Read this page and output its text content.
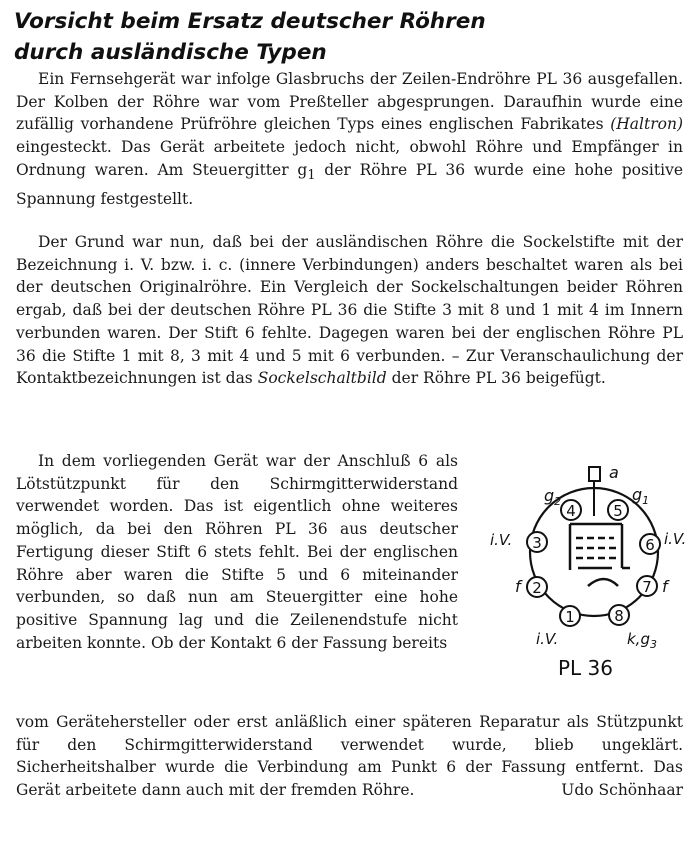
Vorsicht beim Ersatz deutscher Röhren
durch ausländische Typen

Ein Fernsehgerät war infolge Glasbruchs der Zeilen-Endröhre PL 36 ausgefallen. Der Kolben der Röhre war vom Preßteller abgesprungen. Daraufhin wurde eine zufällig vorhandene Prüfröhre gleichen Typs eines englischen Fabrikates (Haltron) eingesteckt. Das Gerät arbeitete jedoch nicht, obwohl Röhre und Empfänger in Ordnung waren. Am Steuergitter $g_1$ der Röhre PL 36 wurde eine hohe positive Spannung festgestellt.

Der Grund war nun, daß bei der ausländischen Röhre die Sockelstifte mit der Bezeichnung i. V. bzw. i. c. (innere Verbindungen) anders beschaltet waren als bei der deutschen Originalröhre. Ein Vergleich der Sockelschaltungen beider Röhren ergab, daß bei der deutschen Röhre PL 36 die Stifte 3 mit 8 und 1 mit 4 im Innern verbunden waren. Der Stift 6 fehlte. Dagegen waren bei der englischen Röhre PL 36 die Stifte 1 mit 8, 3 mit 4 und 5 mit 6 verbunden. – Zur Veranschaulichung der Kontaktbezeichnungen ist das Sockelschaltbild der Röhre PL 36 beigefügt.

In dem vorliegenden Gerät war der Anschluß 6 als Lötstützpunkt für den Schirmgitterwiderstand verwendet worden. Das ist eigentlich ohne weiteres möglich, da bei den Röhren PL 36 aus deutscher Fertigung dieser Stift 6 stets fehlt. Bei der englischen Röhre aber waren die Stifte 5 und 6 miteinander verbunden, so daß nun am Steuergitter eine hohe positive Spannung lag und die Zeilenendstufe nicht arbeiten konnte. Ob der Kontakt 6 der Fassung bereits

vom Gerätehersteller oder erst anläßlich einer späteren Reparatur als Stützpunkt für den Schirmgitterwiderstand verwendet wurde, blieb ungeklärt. Sicherheitshalber wurde die Verbindung am Punkt 6 der Fassung entfernt. Das Gerät arbeitete dann auch mit der fremden Röhre.	Udo Schönhaar

a
1
2
3
4 5
6
7
8
$g_2$	$g_1$
i.V.	i.V.
f	f
i.V.	$k,g_3$
PL 36
